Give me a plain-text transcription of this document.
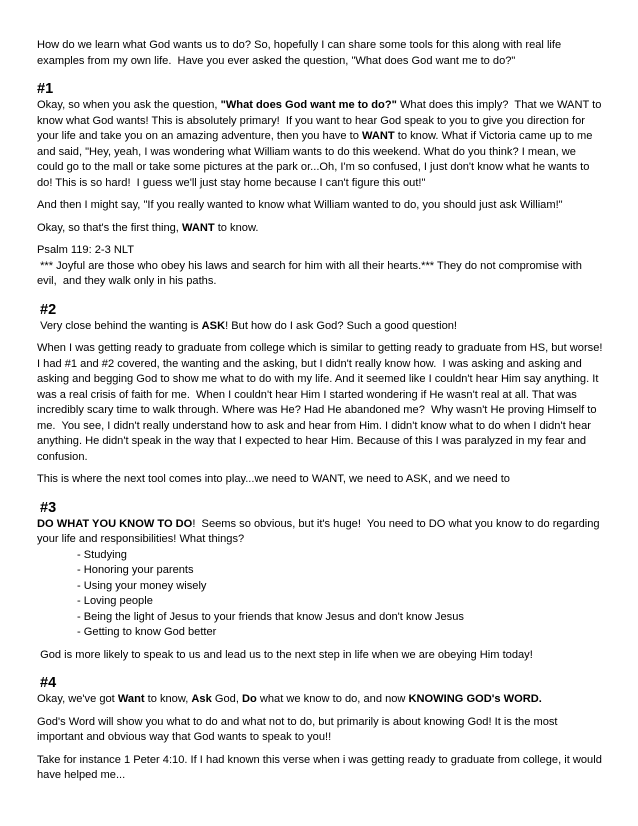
How do we learn what God wants us to do? So, hopefully I can share some tools for this along with real life examples from my own life.  Have you ever asked the question, "What does God want me to do?"

#1

Okay, so when you ask the question, "What does God want me to do?" What does this imply?  That we WANT to know what God wants! This is absolutely primary!  If you want to hear God speak to you to give you direction for your life and take you on an amazing adventure, then you have to WANT to know. What if Victoria came up to me and said, "Hey, yeah, I was wondering what William wants to do this weekend. What do you think? I mean, we could go to the mall or take some pictures at the park or...Oh, I'm so confused, I just don't know what he wants to do! This is so hard!  I guess we'll just stay home because I can't figure this out!"

And then I might say, "If you really wanted to know what William wanted to do, you should just ask William!"

Okay, so that's the first thing, WANT to know.

Psalm 119: 2-3 NLT

*** Joyful are those who obey his laws and search for him with all their hearts.*** They do not compromise with evil,  and they walk only in his paths.

#2

Very close behind the wanting is ASK! But how do I ask God? Such a good question!

When I was getting ready to graduate from college which is similar to getting ready to graduate from HS, but worse!  I had #1 and #2 covered, the wanting and the asking, but I didn't really know how.  I was asking and asking and asking and begging God to show me what to do with my life. And it seemed like I couldn't hear Him say anything. It was a real crisis of faith for me.  When I couldn't hear Him I started wondering if He wasn't real at all. That was incredibly scary time to walk through. Where was He? Had He abandoned me?  Why wasn't He proving Himself to me.  You see, I didn't really understand how to ask and hear from Him. I didn't know what to do when I didn't hear anything. He didn't speak in the way that I expected to hear Him. Because of this I was paralyzed in my fear and confusion.

This is where the next tool comes into play...we need to WANT, we need to ASK, and we need to

#3

DO WHAT YOU KNOW TO DO!  Seems so obvious, but it's huge!  You need to DO what you know to do regarding your life and responsibilities! What things?

- Studying

- Honoring your parents

- Using your money wisely

- Loving people

- Being the light of Jesus to your friends that know Jesus and don't know Jesus

- Getting to know God better

God is more likely to speak to us and lead us to the next step in life when we are obeying Him today!

#4

Okay, we've got Want to know, Ask God, Do what we know to do, and now KNOWING GOD's WORD.

God's Word will show you what to do and what not to do, but primarily is about knowing God! It is the most important and obvious way that God wants to speak to you!!

Take for instance 1 Peter 4:10. If I had known this verse when i was getting ready to graduate from college, it would have helped me...
